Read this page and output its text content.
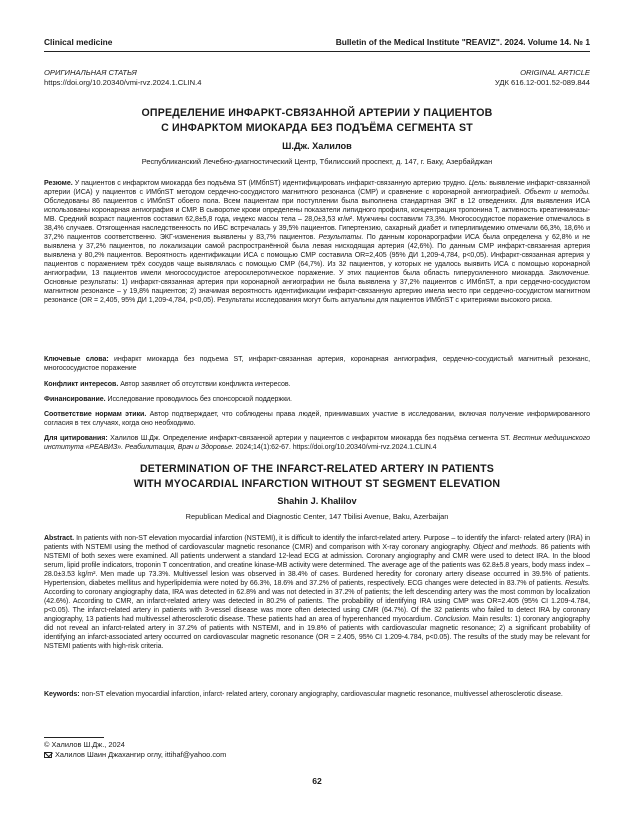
Clinical medicine	Bulletin of the Medical Institute "REAVIZ". 2024. Volume 14. № 1
ОРИГИНАЛЬНАЯ СТАТЬЯ
https://doi.org/10.20340/vmi-rvz.2024.1.CLIN.4
ORIGINAL ARTICLE
УДК 616.12-001.52-089.844
ОПРЕДЕЛЕНИЕ ИНФАРКТ-СВЯЗАННОЙ АРТЕРИИ У ПАЦИЕНТОВ
С ИНФАРКТОМ МИОКАРДА БЕЗ ПОДЪЁМА СЕГМЕНТА ST
Ш.Дж. Халилов
Республиканский Лечебно-диагностический Центр, Тбилисский проспект, д. 147, г. Баку, Азербайджан
Резюме. У пациентов с инфарктом миокарда без подъёма ST (ИМбпST) идентифицировать инфаркт-связанную артерию трудно. Цель: выявление инфаркт-связанной артерии (ИСА) у пациентов с ИМбпST методом сердечно-сосудистого магнитного резонанса (СМР) и сравнение с коронарной ангиографией. Объект и методы. Обследованы 86 пациентов с ИМбпST обоего пола. Всем пациентам при поступлении была выполнена стандартная ЭКГ в 12 отведениях. Для выявления ИСА использованы коронарная ангиография и СМР. В сыворотке крови определены показатели липидного профиля, концентрация тропонина Т, активность креатинкиназы-МВ. Средний возраст пациентов составил 62,8±5,8 года, индекс массы тела – 28,0±3,53 кг/м². Мужчины составили 73,3%. Многососудистое поражение отмечалось в 38,4% случаев. Отягощенная наследственность по ИБС встречалась у 39,5% пациентов. Гипертензию, сахарный диабет и гиперлипидемию отмечали 66,3%, 18,6% и 37,2% пациентов соответственно. ЭКГ-изменения выявлены у 83,7% пациентов. Результаты. По данным коронарографии ИСА была определена у 62,8% и не выявлена у 37,2% пациентов, по локализации самой распространённой была левая нисходящая артерия (42,6%). По данным СМР инфаркт-связанная артерия выявлена у 80,2% пациентов. Вероятность идентификации ИСА с помощью СМР составила OR=2,405 (95% ДИ 1,209-4,784, p<0,05). Инфаркт-связанная артерия у пациентов с поражением трёх сосудов чаще выявлялась с помощью СМР (64,7%). Из 32 пациентов, у которых не удалось выявить ИСА с помощью коронарной ангиографии, 13 пациентов имели многососудистое атеросклеротическое поражение. У этих пациентов была область гиперусиленного миокарда. Заключение. Основные результаты: 1) инфаркт-связанная артерия при коронарной ангиографии не была выявлена у 37,2% пациентов с ИМбпST, а при сердечно-сосудистом магнитном резонансе – у 19,8% пациентов; 2) значимая вероятность идентификации инфаркт-связанную артерию имела место при сердечно-сосудистом магнитном резонансе (OR = 2,405, 95% ДИ 1,209-4,784, p<0,05). Результаты исследования могут быть актуальны для пациентов ИМбпST с критериями высокого риска.
Ключевые слова: инфаркт миокарда без подъема ST, инфаркт-связанная артерия, коронарная ангиография, сердечно-сосудистый магнитный резонанс, многососудистое поражение
Конфликт интересов. Автор заявляет об отсутствии конфликта интересов.
Финансирование. Исследование проводилось без спонсорской поддержки.
Соответствие нормам этики. Автор подтверждает, что соблюдены права людей, принимавших участие в исследовании, включая получение информированного согласия в тех случаях, когда оно необходимо.
Для цитирования: Халилов Ш.Дж. Определение инфаркт-связанной артерии у пациентов с инфарктом миокарда без подъёма сегмента ST. Вестник медицинского института «РЕАВИЗ». Реабилитация, Врач и Здоровье. 2024;14(1):62-67. https://doi.org/10.20340/vmi-rvz.2024.1.CLIN.4
DETERMINATION OF THE INFARCT-RELATED ARTERY IN PATIENTS
WITH MYOCARDIAL INFARCTION WITHOUT ST SEGMENT ELEVATION
Shahin J. Khalilov
Republican Medical and Diagnostic Center, 147 Tbilisi Avenue, Baku, Azerbaijan
Abstract. In patients with non-ST elevation myocardial infarction (NSTEMI), it is difficult to identify the infarct-related artery. Purpose – to identify the infarct- related artery (IRA) in patients with NSTEMI using the method of cardiovascular magnetic resonance (CMR) and comparison with X-ray coronary angiography. Object and methods. 86 patients with NSTEMI of both sexes were examined. All patients underwent a standard 12-lead ECG at admission. Coronary angiography and CMR were used to detect IRA. In the blood serum, lipid profile indicators, troponin T concentration, and creatine kinase-MB activity were determined. The average age of the patients was 62.8±5.8 years, body mass index – 28.0±3.53 kg/m². Men made up 73.3%. Multivessel lesion was observed in 38.4% of cases. Burdened heredity for coronary artery disease occurred in 39.5% of patients. Hypertension, diabetes mellitus and hyperlipidemia were noted by 66.3%, 18.6% and 37.2% of patients, respectively. ECG changes were detected in 83.7% of patients. Results. According to coronary angiography data, IRA was detected in 62.8% and was not detected in 37.2% of patients; the left descending artery was the most common by localization (42.6%). According to CMR, an infarct-related artery was detected in 80.2% of patients. The probability of identifying IRA using CMP was OR=2.405 (95% CI 1.209-4.784, p<0.05). The infarct-related artery in patients with 3-vessel disease was more often detected using CMR (64.7%). Of the 32 patients who failed to detect IRA by coronary angiography, 13 patients had multivessel atherosclerotic disease. These patients had an area of hyperenhanced myocardium. Conclusion. Main results: 1) coronary angiography did not reveal an infarct-related artery in 37.2% of patients with NSTEMI, and in 19.8% of patients with cardiovascular magnetic resonance; 2) a significant probability of identifying an infarct-associated artery occurred on cardiovascular magnetic resonance (OR = 2.405, 95% CI 1.209-4.784, p<0.05). The results of the study may be relevant for NSTEMI patients with high-risk criteria.
Keywords: non-ST elevation myocardial infarction, infarct- related artery, coronary angiography, cardiovascular magnetic resonance, multivessel atherosclerotic disease.
© Халилов Ш.Дж., 2024
Халилов Шаин Джахангир оглу, ittihaf@yahoo.com
62
